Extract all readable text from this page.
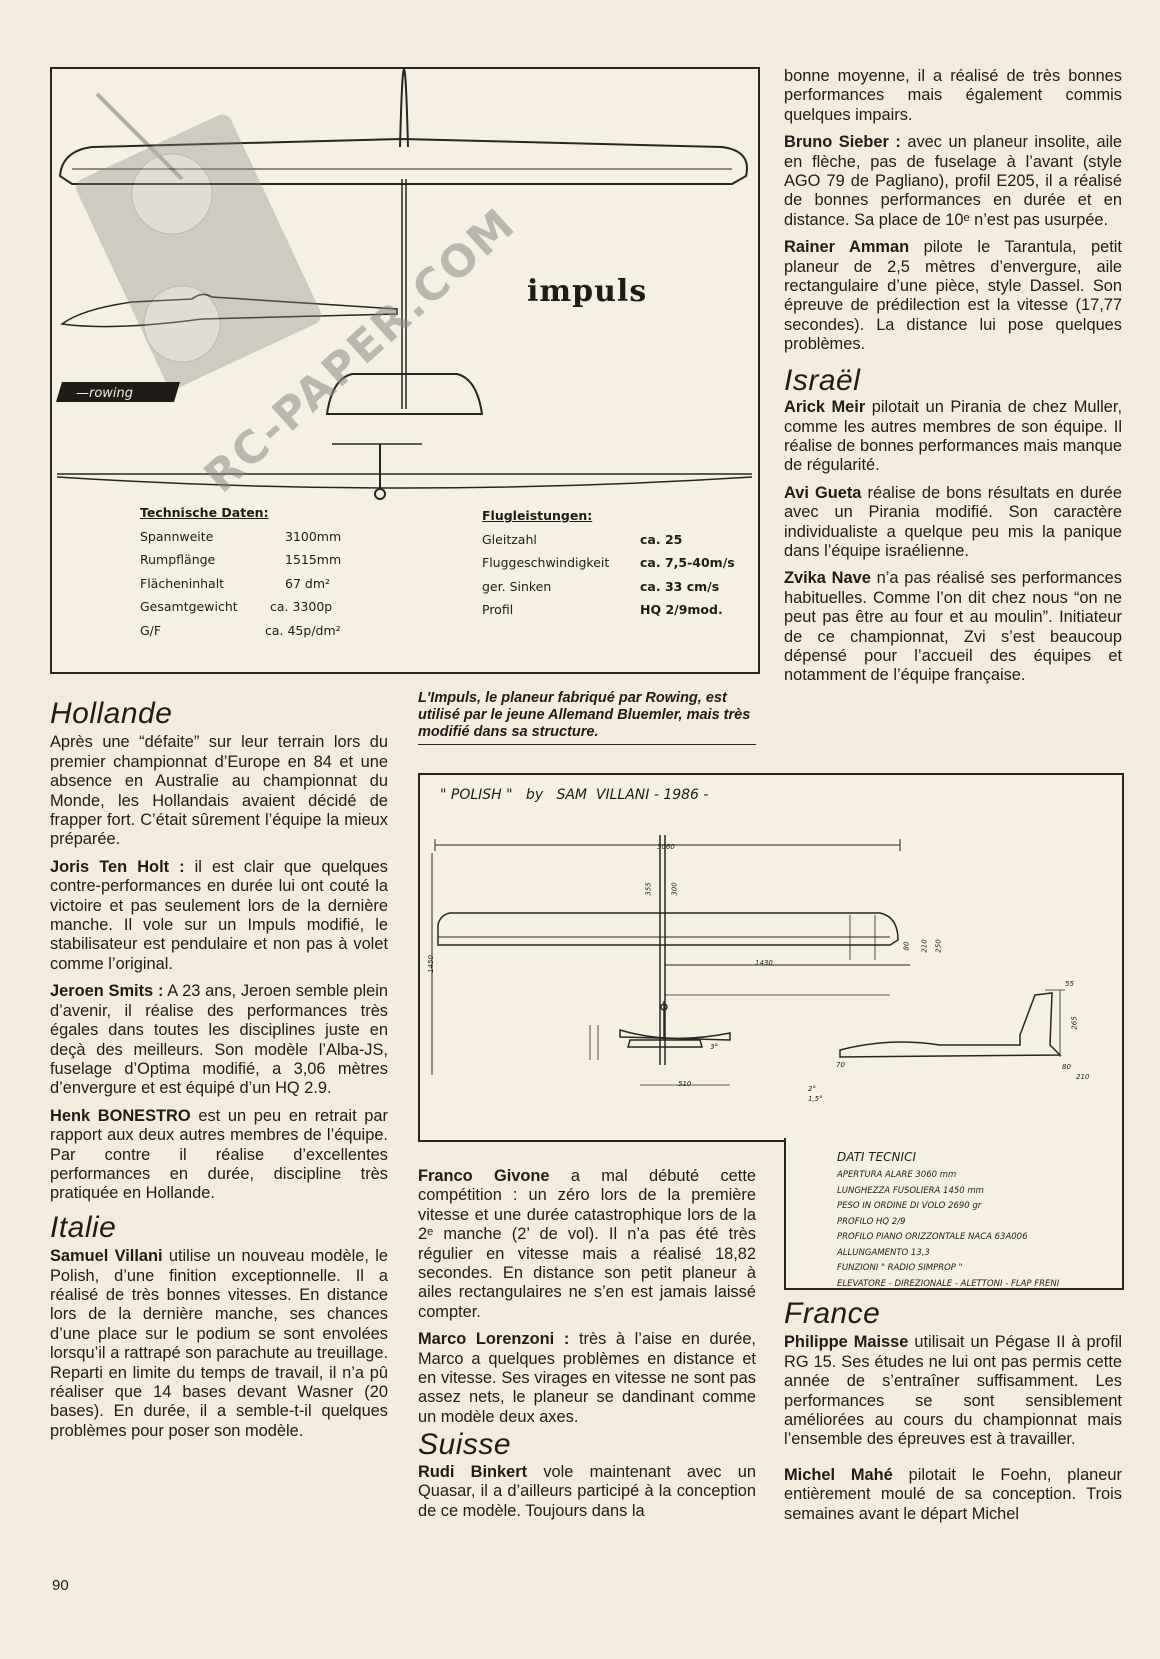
—rowing
impuls
Technische Daten:
Spannweite	3100mm
Rumpflänge	1515mm
Flächeninhalt	67 dm²
Gesamtgewicht	ca. 3300p
G/F	ca. 45p/dm²
Flugleistungen:
Gleitzahl	ca. 25
Fluggeschwindigkeit	ca. 7,5-40m/s
ger. Sinken	ca. 33 cm/s
Profil	HQ 2/9mod.
RC-PAPER.COM
L'Impuls, le planeur fabriqué par Rowing, est utilisé par le jeune Allemand Bluemler, mais très modifié dans sa structure.
" POLISH "   by   SAM  VILLANI - 1986 -
3060
1430
1450
355	300
80 210 250
55
265
80
210
70
510
3°
2°
1,5°
DATI TECNICI
APERTURA ALARE 3060 mm
LUNGHEZZA FUSOLIERA 1450 mm
PESO IN ORDINE DI VOLO 2690 gr
PROFILO HQ 2/9
PROFILO PIANO ORIZZONTALE NACA 63A006
ALLUNGAMENTO 13,3
FUNZIONI " RADIO SIMPROP "
ELEVATORE - DIREZIONALE - ALETTONI - FLAP FRENI
Hollande

Après une “défaite” sur leur terrain lors du premier championnat d’Europe en 84 et une absence en Australie au championnat du Monde, les Hollandais avaient décidé de frapper fort. C’était sûrement l’équipe la mieux préparée.

Joris Ten Holt : il est clair que quelques contre-performances en durée lui ont couté la victoire et pas seulement lors de la dernière manche. Il vole sur un Impuls modifié, le stabilisateur est pendulaire et non pas à volet comme l’original.

Jeroen Smits : A 23 ans, Jeroen semble plein d’avenir, il réalise des performances très égales dans toutes les disciplines juste en deçà des meilleurs. Son modèle l’Alba-JS, fuselage d’Optima modifié, a 3,06 mètres d’envergure et est équipé d’un HQ 2.9.

Henk BONESTRO est un peu en retrait par rapport aux deux autres membres de l’équipe. Par contre il réalise d’excellentes performances en durée, discipline très pratiquée en Hollande.

Italie

Samuel Villani utilise un nouveau modèle, le Polish, d’une finition exceptionnelle. Il a réalisé de très bonnes vitesses. En distance lors de la dernière manche, ses chances d’une place sur le podium se sont envolées lorsqu’il a rattrapé son parachute au treuillage. Reparti en limite du temps de travail, il n’a pû réaliser que 14 bases devant Wasner (20 bases). En durée, il a semble-t-il quelques problèmes pour poser son modèle.

Franco Givone a mal débuté cette compétition : un zéro lors de la première vitesse et une durée catastrophique lors de la 2ᵉ manche (2’ de vol). Il n’a pas été très régulier en vitesse mais a réalisé 18,82 secondes. En distance son petit planeur à ailes rectangulaires ne s’en est jamais laissé compter.

Marco Lorenzoni : très à l’aise en durée, Marco a quelques problèmes en distance et en vitesse. Ses virages en vitesse ne sont pas assez nets, le planeur se dandinant comme un modèle deux axes.

Suisse

Rudi Binkert vole maintenant avec un Quasar, il a d’ailleurs participé à la conception de ce modèle. Toujours dans la

bonne moyenne, il a réalisé de très bonnes performances mais également commis quelques impairs.

Bruno Sieber : avec un planeur insolite, aile en flèche, pas de fuselage à l’avant (style AGO 79 de Pagliano), profil E205, il a réalisé de bonnes performances en durée et en distance. Sa place de 10ᵉ n’est pas usurpée.

Rainer Amman pilote le Tarantula, petit planeur de 2,5 mètres d’envergure, aile rectangulaire d’une pièce, style Dassel. Son épreuve de prédilection est la vitesse (17,77 secondes). La distance lui pose quelques problèmes.

Israël

Arick Meir pilotait un Pirania de chez Muller, comme les autres membres de son équipe. Il réalise de bonnes performances mais manque de régularité.

Avi Gueta réalise de bons résultats en durée avec un Pirania modifié. Son caractère individualiste a quelque peu mis la panique dans l’équipe israélienne.

Zvika Nave n’a pas réalisé ses performances habituelles. Comme l’on dit chez nous “on ne peut pas être au four et au moulin”. Initiateur de ce championnat, Zvi s’est beaucoup dépensé pour l’accueil des équipes et notamment de l’équipe française.

France

Philippe Maisse utilisait un Pégase II à profil RG 15. Ses études ne lui ont pas permis cette année de s’entraîner suffisamment. Les performances se sont sensiblement améliorées au cours du championnat mais l’ensemble des épreuves est à travailler.

Michel Mahé pilotait le Foehn, planeur entièrement moulé de sa conception. Trois semaines avant le départ Michel

90
